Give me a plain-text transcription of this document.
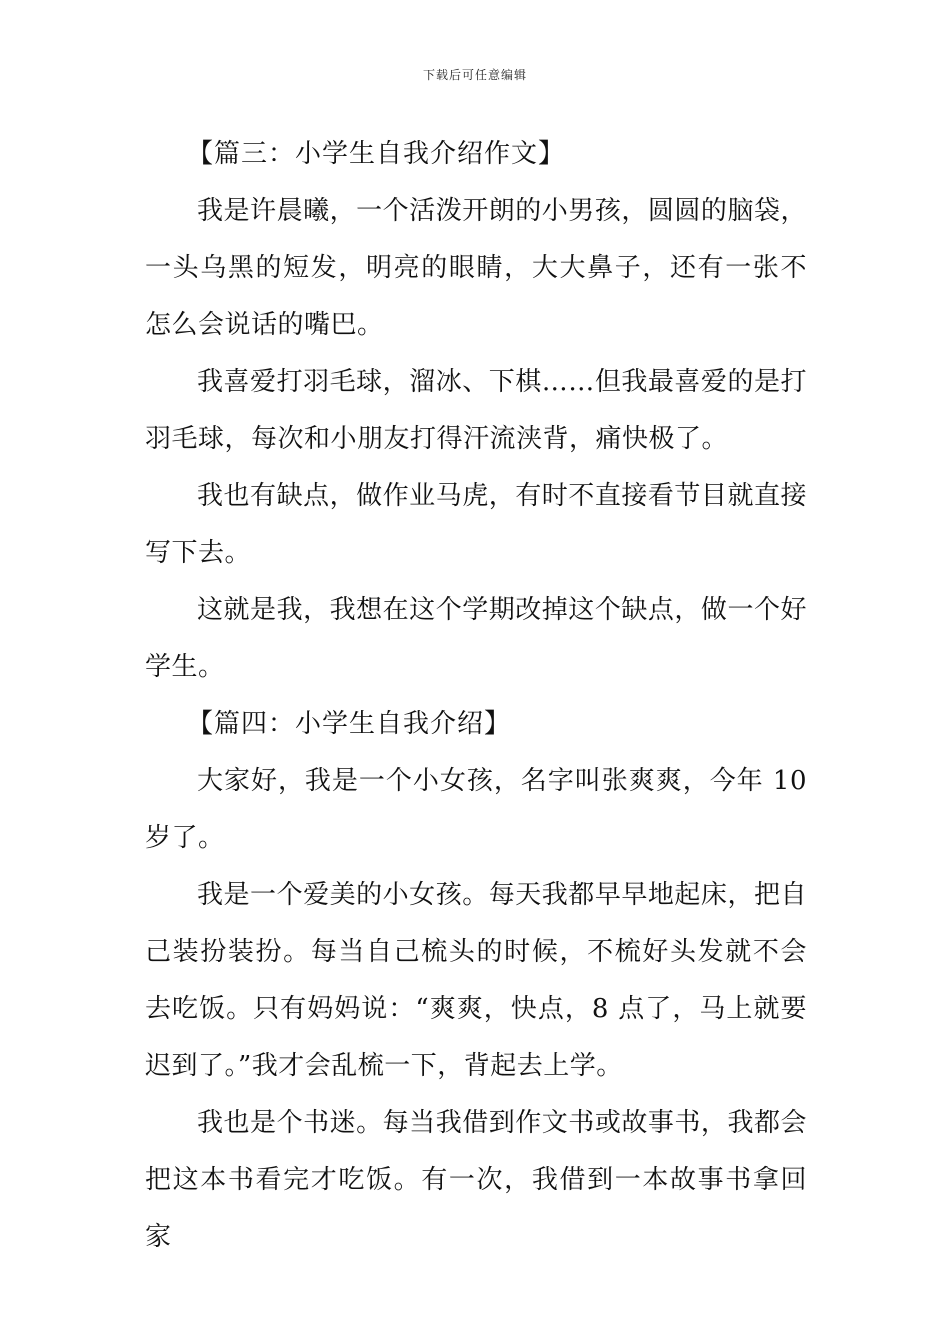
下载后可任意编辑

【篇三：小学生自我介绍作文】

我是许晨曦，一个活泼开朗的小男孩，圆圆的脑袋，一头乌黑的短发，明亮的眼睛，大大鼻子，还有一张不怎么会说话的嘴巴。

我喜爱打羽毛球，溜冰、下棋……但我最喜爱的是打羽毛球，每次和小朋友打得汗流浃背，痛快极了。

我也有缺点，做作业马虎，有时不直接看节目就直接写下去。

这就是我，我想在这个学期改掉这个缺点，做一个好学生。

【篇四：小学生自我介绍】

大家好，我是一个小女孩，名字叫张爽爽，今年 10 岁了。

我是一个爱美的小女孩。每天我都早早地起床，把自己装扮装扮。每当自己梳头的时候，不梳好头发就不会去吃饭。只有妈妈说：“爽爽，快点，8 点了，马上就要迟到了。”我才会乱梳一下，背起去上学。

我也是个书迷。每当我借到作文书或故事书，我都会把这本书看完才吃饭。有一次，我借到一本故事书拿回家
